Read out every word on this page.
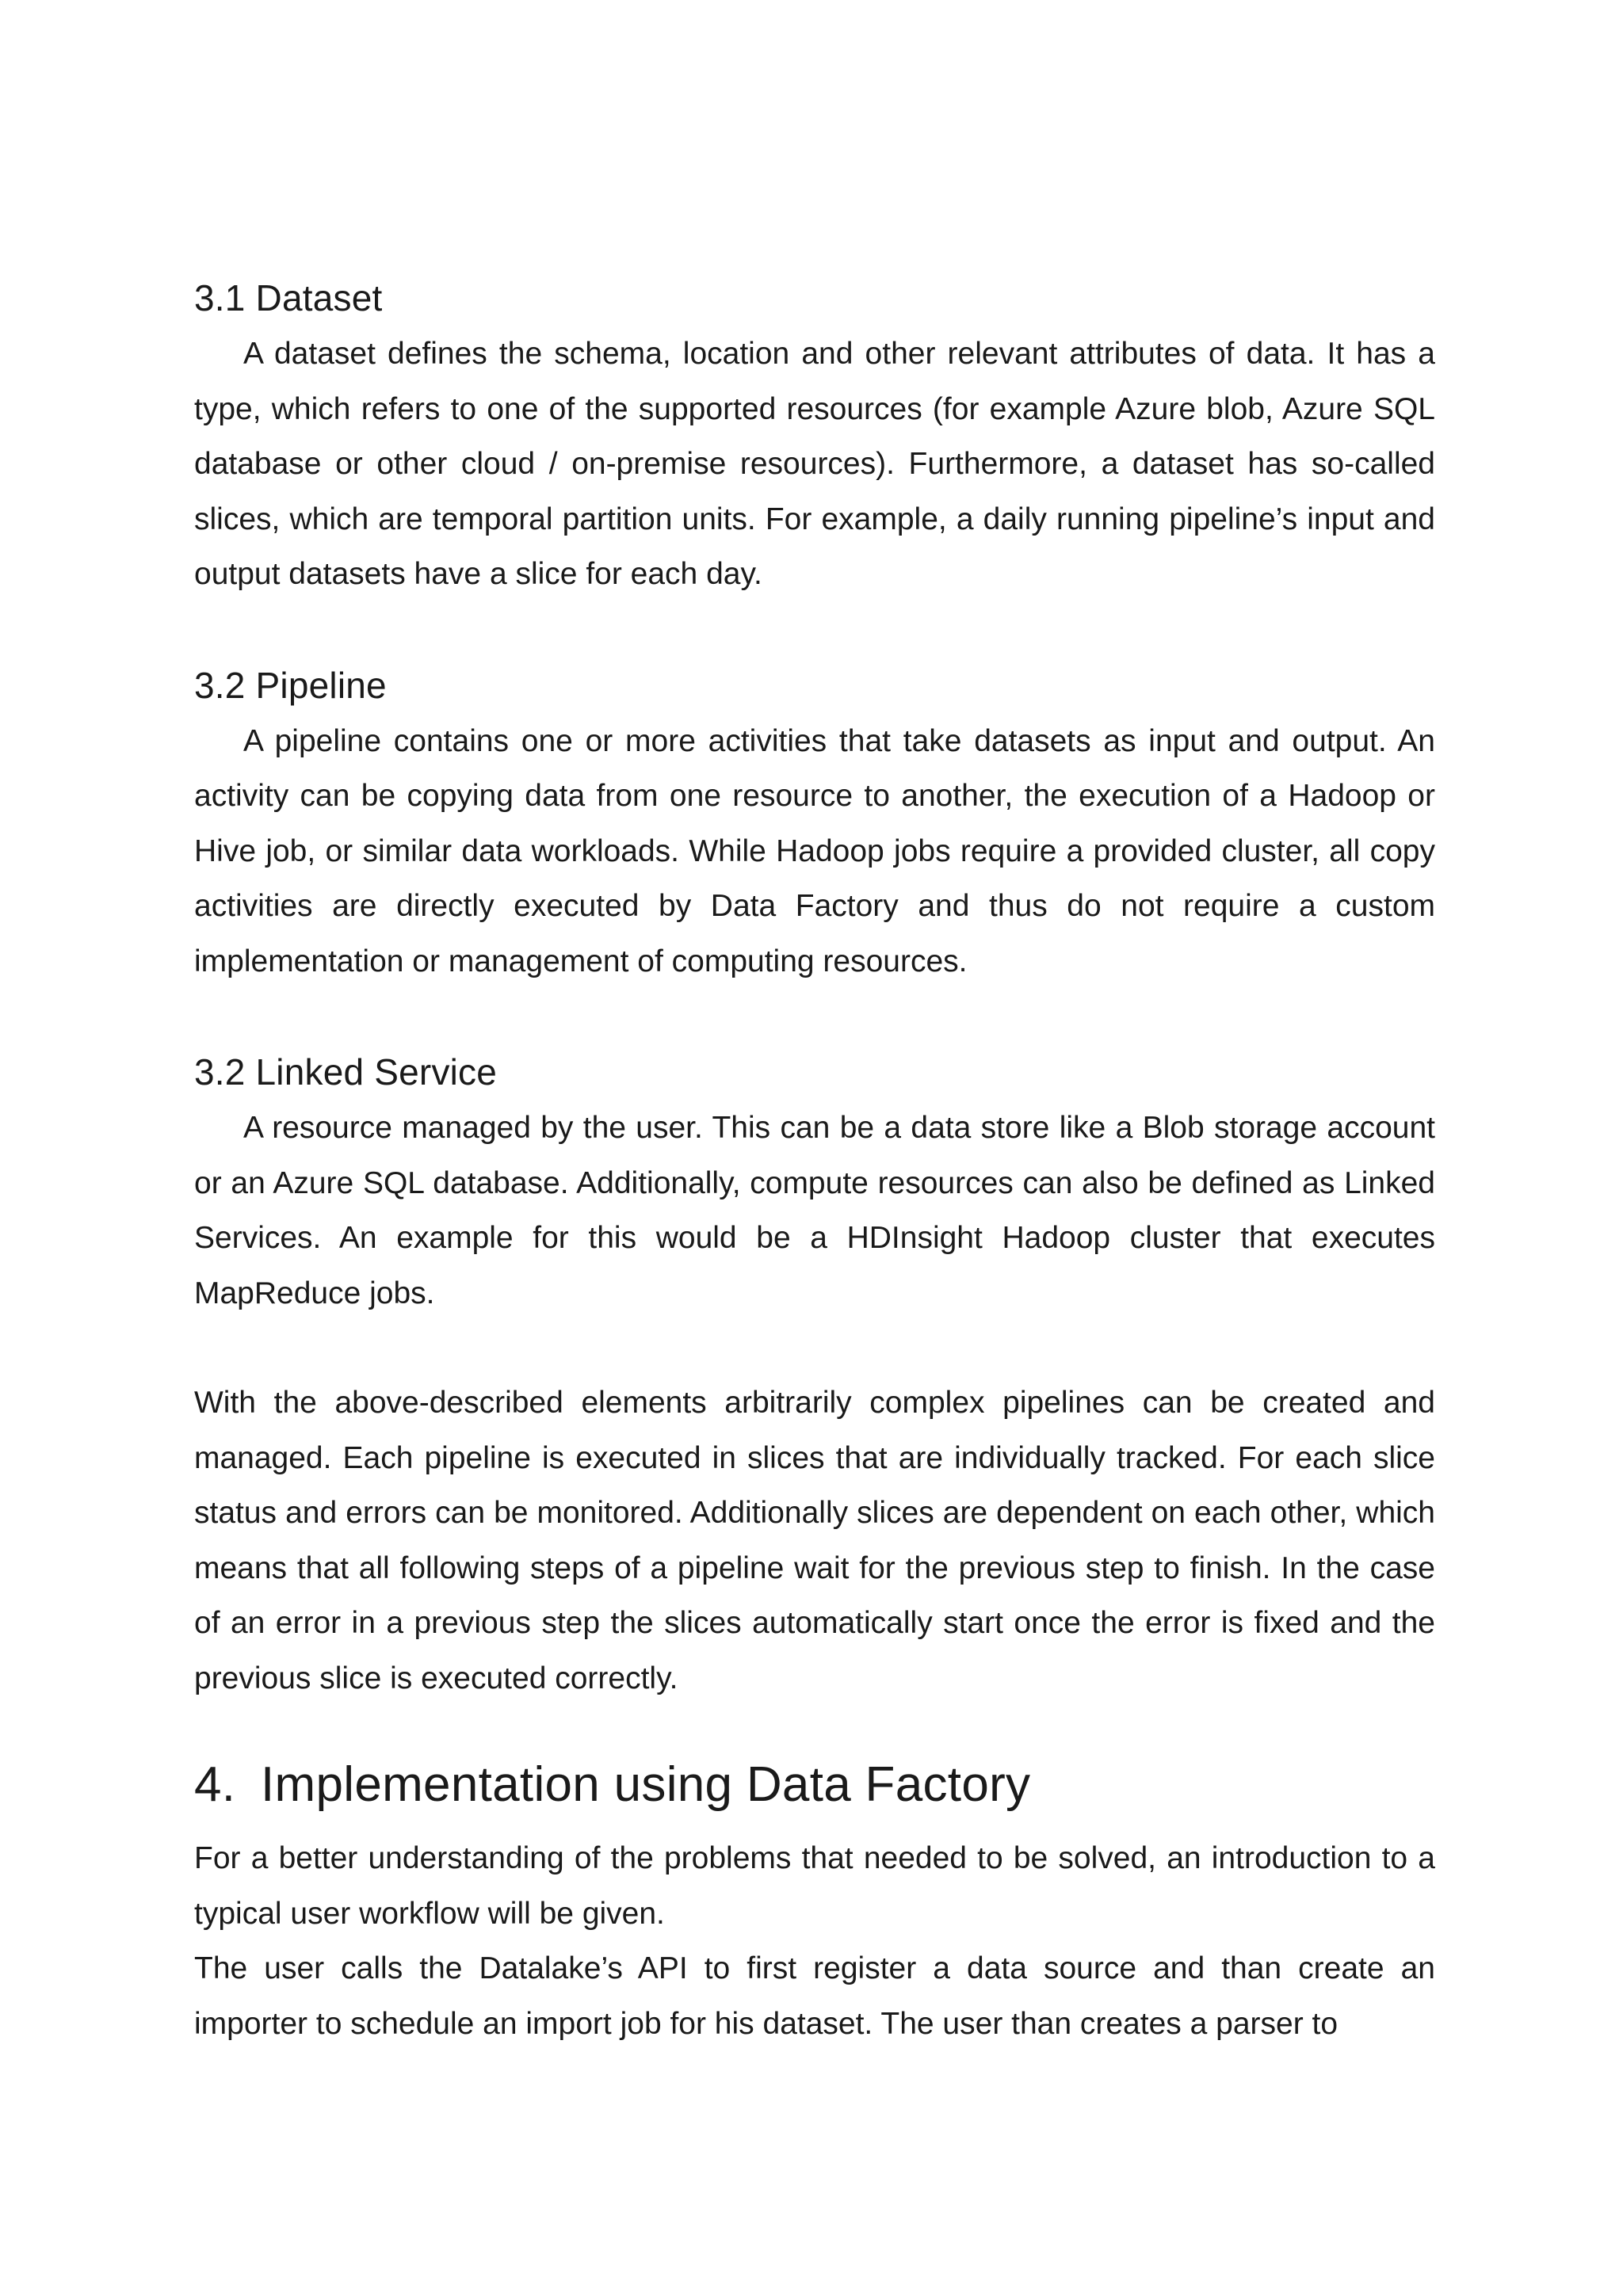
3.1 Dataset

A dataset defines the schema, location and other relevant attributes of data. It has a type, which refers to one of the supported resources (for example Azure blob, Azure SQL database or other cloud / on-premise resources). Furthermore, a dataset has so-called slices, which are temporal partition units. For example, a daily running pipeline’s input and output datasets have a slice for each day.

3.2 Pipeline

A pipeline contains one or more activities that take datasets as input and output. An activity can be copying data from one resource to another, the execution of a Hadoop or Hive job, or similar data workloads. While Hadoop jobs require a provided cluster, all copy activities are directly executed by Data Factory and thus do not require a custom implementation or management of computing resources.

3.2 Linked Service

A resource managed by the user. This can be a data store like a Blob storage account or an Azure SQL database. Additionally, compute resources can also be defined as Linked Services. An example for this would be a HDInsight Hadoop cluster that executes MapReduce jobs.

With the above-described elements arbitrarily complex pipelines can be created and managed. Each pipeline is executed in slices that are individually tracked. For each slice status and errors can be monitored. Additionally slices are dependent on each other, which means that all following steps of a pipeline wait for the previous step to finish. In the case of an error in a previous step the slices automatically start once the error is fixed and the previous slice is executed correctly.

4. Implementation using Data Factory

For a better understanding of the problems that needed to be solved, an introduction to a typical user workflow will be given.

The user calls the Datalake’s API to first register a data source and than create an importer to schedule an import job for his dataset. The user than creates a parser to
